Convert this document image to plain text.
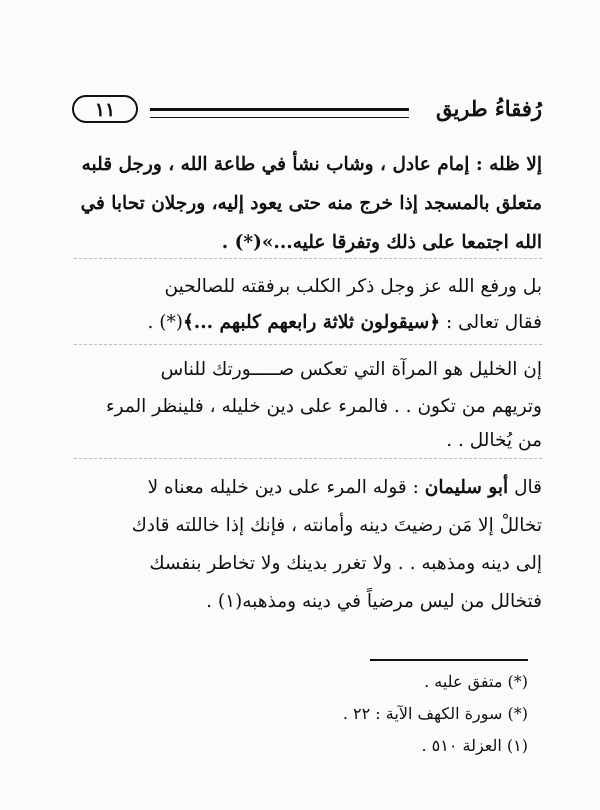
رُفقاءُ طريق
١١
إلا ظله : إمام عادل ، وشاب نشأ في طاعة الله ، ورجل قلبه
متعلق بالمسجد إذا خرج منه حتى يعود إليه، ورجلان تحابا في
الله اجتمعا على ذلك وتفرقا عليه...»(*) .
بل ورفع الله عز وجل ذكر الكلب برفقته للصالحين
فقال تعالى : ﴿سيقولون ثلاثة رابعهم كلبهم ...﴾(*) .
إن الخليل هو المرآة التي تعكس صـــــورتك للناس
وتريهم من تكون . . فالمرء على دين خليله ، فلينظر المرء
من يُخالل . .
قال أبو سليمان : قوله المرء على دين خليله معناه لا
تخاللْ إلا مَن رضيتَ دينه وأمانته ، فإنك إذا خاللته قادك
إلى دينه ومذهبه . . ولا تغرر بدينك ولا تخاطر بنفسك
فتخالل من ليس مرضياً في دينه ومذهبه(١) .
(*) متفق عليه .
(*) سورة الكهف الآية : ٢٢ .
(١) العزلة ٥١٠ .
